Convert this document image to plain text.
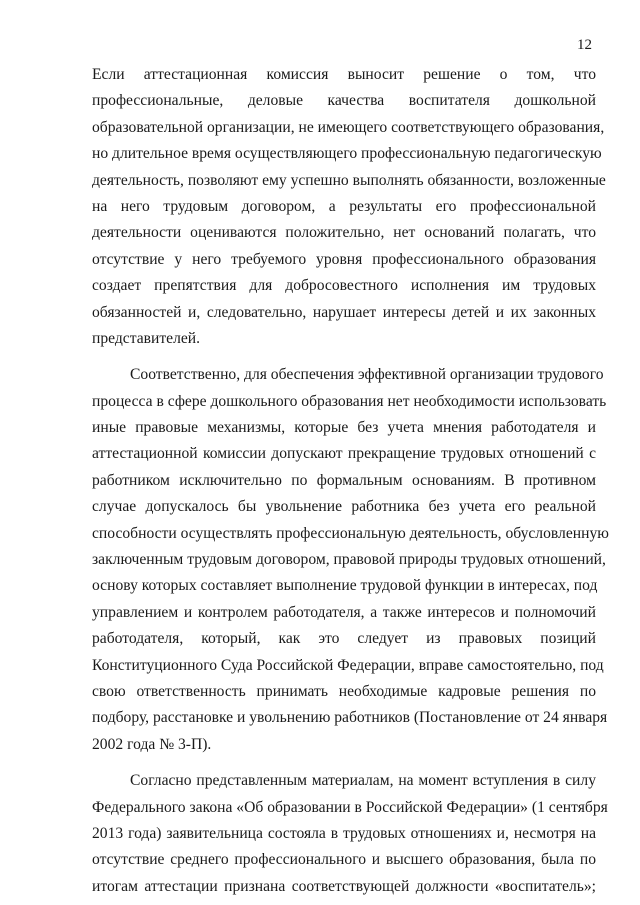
12
Если аттестационная комиссия выносит решение о том, что
профессиональные, деловые качества воспитателя дошкольной
образовательной организации, не имеющего соответствующего образования,
но длительное время осуществляющего профессиональную педагогическую
деятельность, позволяют ему успешно выполнять обязанности, возложенные
на него трудовым договором, а результаты его профессиональной
деятельности оцениваются положительно, нет оснований полагать, что
отсутствие у него требуемого уровня профессионального образования
создает препятствия для добросовестного исполнения им трудовых
обязанностей и, следовательно, нарушает интересы детей и их законных
представителей.
Соответственно, для обеспечения эффективной организации трудового
процесса в сфере дошкольного образования нет необходимости использовать
иные правовые механизмы, которые без учета мнения работодателя и
аттестационной комиссии допускают прекращение трудовых отношений с
работником исключительно по формальным основаниям. В противном
случае допускалось бы увольнение работника без учета его реальной
способности осуществлять профессиональную деятельность, обусловленную
заключенным трудовым договором, правовой природы трудовых отношений,
основу которых составляет выполнение трудовой функции в интересах, под
управлением и контролем работодателя, а также интересов и полномочий
работодателя, который, как это следует из правовых позиций
Конституционного Суда Российской Федерации, вправе самостоятельно, под
свою ответственность принимать необходимые кадровые решения по
подбору, расстановке и увольнению работников (Постановление от 24 января
2002 года № 3-П).
Согласно представленным материалам, на момент вступления в силу
Федерального закона «Об образовании в Российской Федерации» (1 сентября
2013 года) заявительница состояла в трудовых отношениях и, несмотря на
отсутствие среднего профессионального и высшего образования, была по
итогам аттестации признана соответствующей должности «воспитатель»;
